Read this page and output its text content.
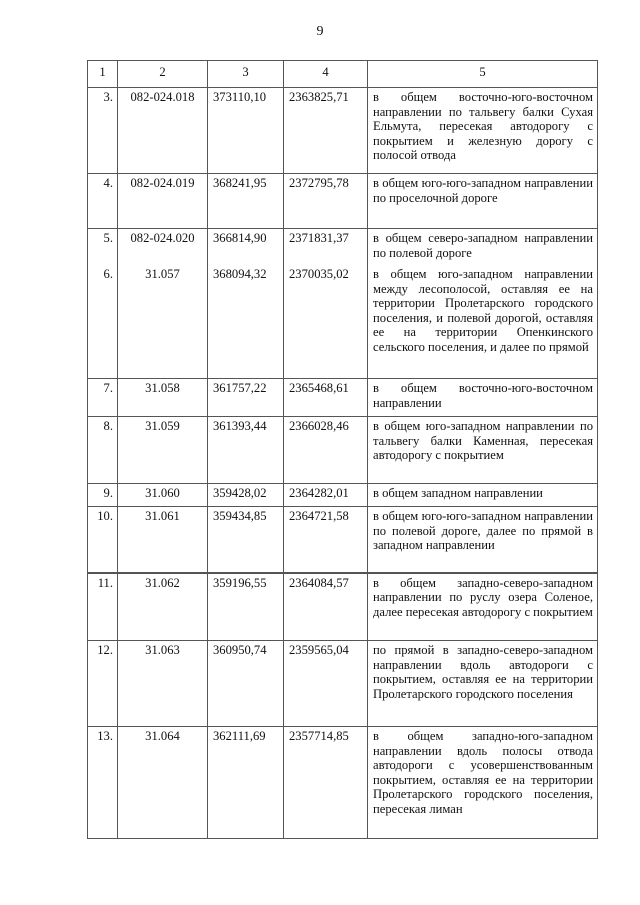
9
1	2	3	4	5
3.	082-024.018	373110,10	2363825,71	в общем восточно-юго-восточном направлении по тальвегу балки Сухая Ельмута, пересекая автодорогу с покрытием и железную дорогу с полосой отвода
4.	082-024.019	368241,95	2372795,78	в общем юго-юго-западном направлении по проселочной дороге
5.	082-024.020	366814,90	2371831,37	в общем северо-западном направлении по полевой дороге
6.	31.057	368094,32	2370035,02	в общем юго-западном направлении между лесополосой, оставляя ее на территории Пролетарского городского поселения, и полевой дорогой, оставляя ее на территории Опенкинского сельского поселения, и далее по прямой
7.	31.058	361757,22	2365468,61	в общем восточно-юго-восточном направлении
8.	31.059	361393,44	2366028,46	в общем юго-западном направлении по тальвегу балки Каменная, пересекая автодорогу с покрытием
9.	31.060	359428,02	2364282,01	в общем западном направлении
10.	31.061	359434,85	2364721,58	в общем юго-юго-западном направлении по полевой дороге, далее по прямой в западном направлении
11.	31.062	359196,55	2364084,57	в общем западно-северо-западном направлении по руслу озера Соленое, далее пересекая автодорогу с покрытием
12.	31.063	360950,74	2359565,04	по прямой в западно-северо-западном направлении вдоль автодороги с покрытием, оставляя ее на территории Пролетарского городского поселения
13.	31.064	362111,69	2357714,85	в общем западно-юго-западном направлении вдоль полосы отвода автодороги с усовершенствованным покрытием, оставляя ее на территории Пролетарского городского поселения, пересекая лиман
